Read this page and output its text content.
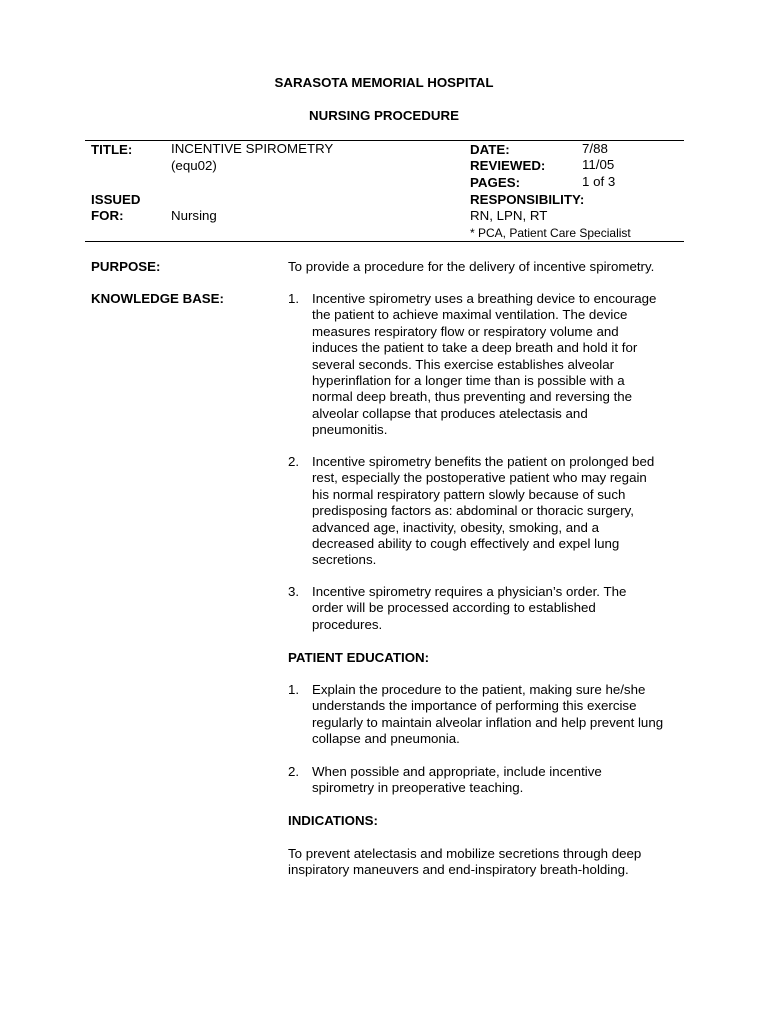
SARASOTA MEMORIAL HOSPITAL
NURSING PROCEDURE
TITLE:	INCENTIVE SPIROMETRY
(equ02)
DATE:	7/88
REVIEWED:	11/05
PAGES:	1 of 3
ISSUED
FOR:	Nursing
RESPONSIBILITY:
RN, LPN, RT
* PCA, Patient Care Specialist
PURPOSE:	To provide a procedure for the delivery of incentive spirometry.
KNOWLEDGE BASE:	1. Incentive spirometry uses a breathing device to encourage
the patient to achieve maximal ventilation. The device
measures respiratory flow or respiratory volume and
induces the patient to take a deep breath and hold it for
several seconds. This exercise establishes alveolar
hyperinflation for a longer time than is possible with a
normal deep breath, thus preventing and reversing the
alveolar collapse that produces atelectasis and
pneumonitis.
2. Incentive spirometry benefits the patient on prolonged bed
rest, especially the postoperative patient who may regain
his normal respiratory pattern slowly because of such
predisposing factors as: abdominal or thoracic surgery,
advanced age, inactivity, obesity, smoking, and a
decreased ability to cough effectively and expel lung
secretions.
3. Incentive spirometry requires a physician’s order. The
order will be processed according to established
procedures.
PATIENT EDUCATION:
1. Explain the procedure to the patient, making sure he/she
understands the importance of performing this exercise
regularly to maintain alveolar inflation and help prevent lung
collapse and pneumonia.
2. When possible and appropriate, include incentive
spirometry in preoperative teaching.
INDICATIONS:
To prevent atelectasis and mobilize secretions through deep
inspiratory maneuvers and end-inspiratory breath-holding.
